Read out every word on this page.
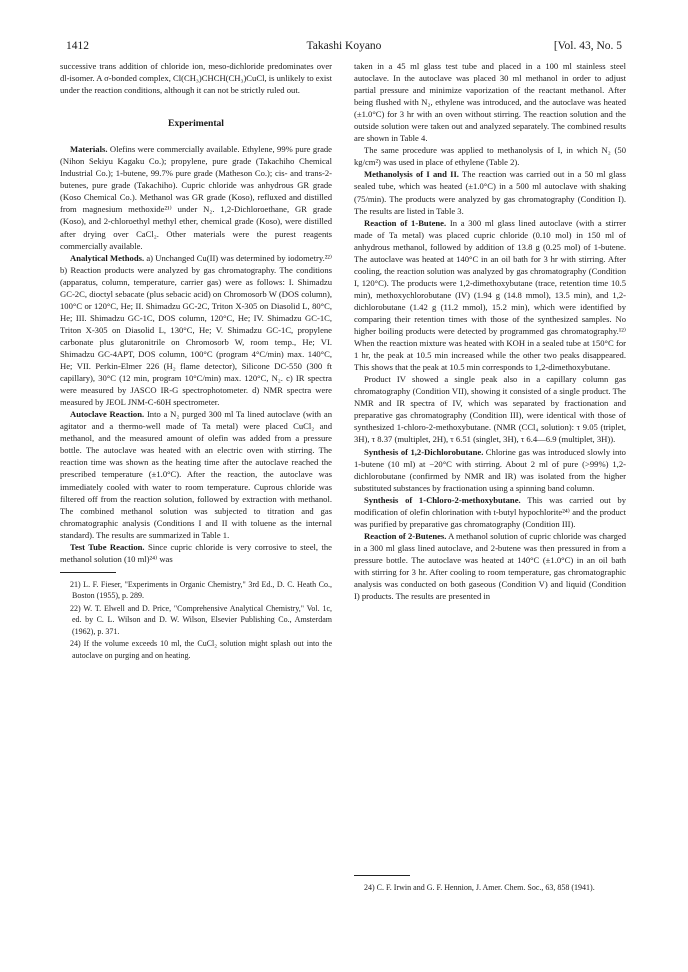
1412	Takashi Koyano	[Vol. 43, No. 5

successive trans addition of chloride ion, meso-dichloride predominates over dl-isomer. A σ-bonded complex, Cl(CH₃)CHCH(CH₃)CuCl, is unlikely to exist under the reaction conditions, although it can not be strictly ruled out.

Experimental

Materials. Olefins were commercially available. Ethylene, 99% pure grade (Nihon Sekiyu Kagaku Co.); propylene, pure grade (Takachiho Chemical Industrial Co.); 1-butene, 99.7% pure grade (Matheson Co.); cis- and trans-2-butenes, pure grade (Takachiho). Cupric chloride was anhydrous GR grade (Koso Chemical Co.). Methanol was GR grade (Koso), refluxed and distilled from magnesium methoxide²¹⁾ under N₂. 1,2-Dichloroethane, GR grade (Koso), and 2-chloroethyl methyl ether, chemical grade (Koso), were distilled after drying over CaCl₂. Other materials were the purest reagents commercially available.

Analytical Methods. a) Unchanged Cu(II) was determined by iodometry.²²⁾ b) Reaction products were analyzed by gas chromatography. The conditions (apparatus, column, temperature, carrier gas) were as follows: I. Shimadzu GC-2C, dioctyl sebacate (plus sebacic acid) on Chromosorb W (DOS column), 100°C or 120°C, He; II. Shimadzu GC-2C, Triton X-305 on Diasolid L, 80°C, He; III. Shimadzu GC-1C, DOS column, 120°C, He; IV. Shimadzu GC-1C, Triton X-305 on Diasolid L, 130°C, He; V. Shimadzu GC-1C, propylene carbonate plus glutaronitrile on Chromosorb W, room temp., He; VI. Shimadzu GC-4APT, DOS column, 100°C (program 4°C/min) max. 140°C, He; VII. Perkin-Elmer 226 (H₂ flame detector), Silicone DC-550 (300 ft capillary), 30°C (12 min, program 10°C/min) max. 120°C, N₂. c) IR spectra were measured by JASCO IR-G spectrophotometer. d) NMR spectra were measured by JEOL JNM-C-60H spectrometer.

Autoclave Reaction. Into a N₂ purged 300 ml Ta lined autoclave (with an agitator and a thermo-well made of Ta metal) were placed CuCl₂ and methanol, and the measured amount of olefin was added from a pressure bottle. The autoclave was heated with an electric oven with stirring. The reaction time was shown as the heating time after the autoclave reached the prescribed temperature (±1.0°C). After the reaction, the autoclave was immediately cooled with water to room temperature. Cuprous chloride was filtered off from the reaction solution, followed by extraction with methanol. The combined methanol solution was subjected to titration and gas chromatographic analysis (Conditions I and II with toluene as the internal standard). The results are summarized in Table 1.

Test Tube Reaction. Since cupric chloride is very corrosive to steel, the methanol solution (10 ml)²⁴⁾ was

21) L. F. Fieser, "Experiments in Organic Chemistry," 3rd Ed., D. C. Heath Co., Boston (1955), p. 289.

22) W. T. Elwell and D. Price, "Comprehensive Analytical Chemistry," Vol. 1c, ed. by C. L. Wilson and D. W. Wilson, Elsevier Publishing Co., Amsterdam (1962), p. 371.

24) If the volume exceeds 10 ml, the CuCl₂ solution might splash out into the autoclave on purging and on heating.

taken in a 45 ml glass test tube and placed in a 100 ml stainless steel autoclave. In the autoclave was placed 30 ml methanol in order to adjust partial pressure and minimize vaporization of the reactant methanol. After being flushed with N₂, ethylene was introduced, and the autoclave was heated (±1.0°C) for 3 hr with an oven without stirring. The reaction solution and the outside solution were taken out and analyzed separately. The combined results are shown in Table 4.

The same procedure was applied to methanolysis of I, in which N₂ (50 kg/cm²) was used in place of ethylene (Table 2).

Methanolysis of I and II. The reaction was carried out in a 50 ml glass sealed tube, which was heated (±1.0°C) in a 500 ml autoclave with shaking (75/min). The products were analyzed by gas chromatography (Condition I). The results are listed in Table 3.

Reaction of 1-Butene. In a 300 ml glass lined autoclave (with a stirrer made of Ta metal) was placed cupric chloride (0.10 mol) in 150 ml of anhydrous methanol, followed by addition of 13.8 g (0.25 mol) of 1-butene. The autoclave was heated at 140°C in an oil bath for 3 hr with stirring. After cooling, the reaction solution was analyzed by gas chromatography (Condition I, 120°C). The products were 1,2-dimethoxybutane (trace, retention time 10.5 min), methoxychlorobutane (IV) (1.94 g (14.8 mmol), 13.5 min), and 1,2-dichlorobutane (1.42 g (11.2 mmol), 15.2 min), which were identified by comparing their retention times with those of the synthesized samples. No higher boiling products were detected by programmed gas chromatography.¹²⁾ When the reaction mixture was heated with KOH in a sealed tube at 150°C for 1 hr, the peak at 10.5 min increased while the other two peaks disappeared. This shows that the peak at 10.5 min corresponds to 1,2-dimethoxybutane.

Product IV showed a single peak also in a capillary column gas chromatography (Condition VII), showing it consisted of a single product. The NMR and IR spectra of IV, which was separated by fractionation and preparative gas chromatography (Condition III), were identical with those of synthesized 1-chloro-2-methoxybutane. (NMR (CCl₄ solution): τ 9.05 (triplet, 3H), τ 8.37 (multiplet, 2H), τ 6.51 (singlet, 3H), τ 6.4—6.9 (multiplet, 3H)).

Synthesis of 1,2-Dichlorobutane. Chlorine gas was introduced slowly into 1-butene (10 ml) at −20°C with stirring. About 2 ml of pure (>99%) 1,2-dichlorobutane (confirmed by NMR and IR) was isolated from the higher substituted substances by fractionation using a spinning band column.

Synthesis of 1-Chloro-2-methoxybutane. This was carried out by modification of olefin chlorination with t-butyl hypochlorite²⁴⁾ and the product was purified by preparative gas chromatography (Condition III).

Reaction of 2-Butenes. A methanol solution of cupric chloride was charged in a 300 ml glass lined autoclave, and 2-butene was then pressured in from a pressure bottle. The autoclave was heated at 140°C (±1.0°C) in an oil bath with stirring for 3 hr. After cooling to room temperature, gas chromatographic analysis was conducted on both gaseous (Condition V) and liquid (Condition I) products. The results are presented in

24) C. F. Irwin and G. F. Hennion, J. Amer. Chem. Soc., 63, 858 (1941).
